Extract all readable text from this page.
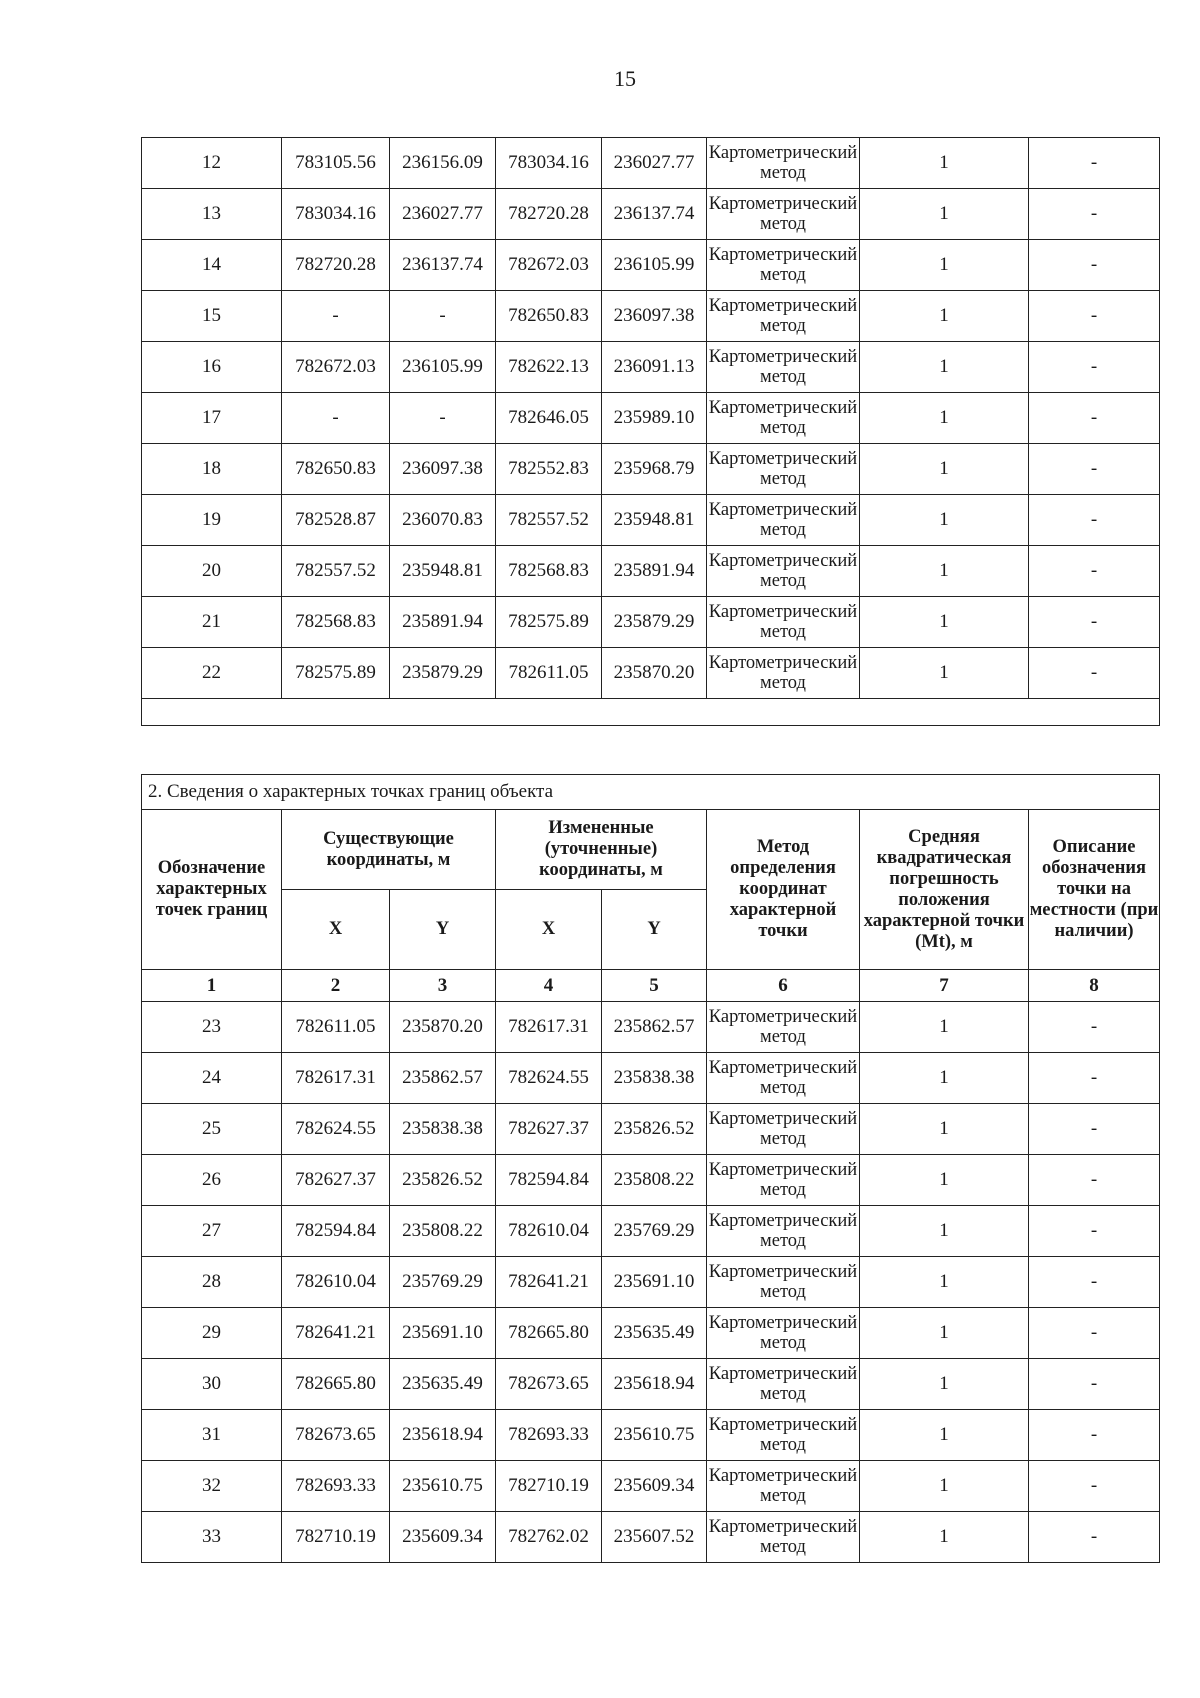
15
12	783105.56	236156.09	783034.16	236027.77	Картометрический метод	1	-
13	783034.16	236027.77	782720.28	236137.74	Картометрический метод	1	-
14	782720.28	236137.74	782672.03	236105.99	Картометрический метод	1	-
15	-	-	782650.83	236097.38	Картометрический метод	1	-
16	782672.03	236105.99	782622.13	236091.13	Картометрический метод	1	-
17	-	-	782646.05	235989.10	Картометрический метод	1	-
18	782650.83	236097.38	782552.83	235968.79	Картометрический метод	1	-
19	782528.87	236070.83	782557.52	235948.81	Картометрический метод	1	-
20	782557.52	235948.81	782568.83	235891.94	Картометрический метод	1	-
21	782568.83	235891.94	782575.89	235879.29	Картометрический метод	1	-
22	782575.89	235879.29	782611.05	235870.20	Картометрический метод	1	-

2. Сведения о характерных точках границ объекта							
Обозначение характерных точек границ	Существующие координаты, м		Измененные (уточненные) координаты, м		Метод определения координат характерной точки	Средняя квадратическая погрешность положения характерной точки (Mt), м	Описание обозначения точки на местности (при наличии)
	X	Y	X	Y			
1	2	3	4	5	6	7	8
23	782611.05	235870.20	782617.31	235862.57	Картометрический метод	1	-
24	782617.31	235862.57	782624.55	235838.38	Картометрический метод	1	-
25	782624.55	235838.38	782627.37	235826.52	Картометрический метод	1	-
26	782627.37	235826.52	782594.84	235808.22	Картометрический метод	1	-
27	782594.84	235808.22	782610.04	235769.29	Картометрический метод	1	-
28	782610.04	235769.29	782641.21	235691.10	Картометрический метод	1	-
29	782641.21	235691.10	782665.80	235635.49	Картометрический метод	1	-
30	782665.80	235635.49	782673.65	235618.94	Картометрический метод	1	-
31	782673.65	235618.94	782693.33	235610.75	Картометрический метод	1	-
32	782693.33	235610.75	782710.19	235609.34	Картометрический метод	1	-
33	782710.19	235609.34	782762.02	235607.52	Картометрический метод	1	-
